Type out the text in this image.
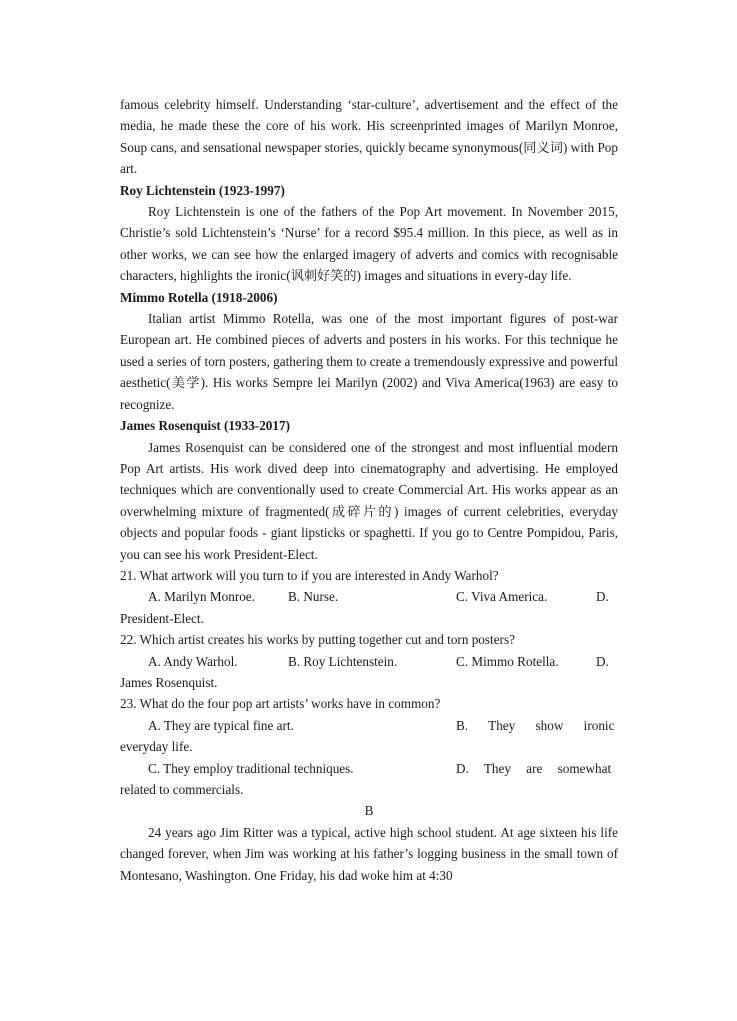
famous celebrity himself. Understanding ‘star-culture’, advertisement and the effect of the media, he made these the core of his work. His screenprinted images of Marilyn Monroe, Soup cans, and sensational newspaper stories, quickly became synonymous(同义词) with Pop art.

Roy Lichtenstein (1923-1997)

Roy Lichtenstein is one of the fathers of the Pop Art movement. In November 2015, Christie’s sold Lichtenstein’s ‘Nurse’ for a record $95.4 million. In this piece, as well as in other works, we can see how the enlarged imagery of adverts and comics with recognisable characters, highlights the ironic(讽刺好笑的) images and situations in every-day life.

Mimmo Rotella (1918-2006)

Italian artist Mimmo Rotella, was one of the most important figures of post-war European art. He combined pieces of adverts and posters in his works. For this technique he used a series of torn posters, gathering them to create a tremendously expressive and powerful aesthetic(美学). His works Sempre lei Marilyn (2002) and Viva America(1963) are easy to recognize.

James Rosenquist (1933-2017)

James Rosenquist can be considered one of the strongest and most influential modern Pop Art artists. His work dived deep into cinematography and advertising. He employed techniques which are conventionally used to create Commercial Art. His works appear as an overwhelming mixture of fragmented(成碎片的) images of current celebrities, everyday objects and popular foods - giant lipsticks or spaghetti. If you go to Centre Pompidou, Paris, you can see his work President-Elect.

21. What artwork will you turn to if you are interested in Andy Warhol?

A. Marilyn Monroe.	B. Nurse.	C. Viva America.	D.

President-Elect.

22. Which artist creates his works by putting together cut and torn posters?

A. Andy Warhol.	B. Roy Lichtenstein.	C. Mimmo Rotella.	D.

James Rosenquist.

23. What do the four pop art artists’ works have in common?

A. They are typical fine art.	B. They show ironic

everyday life.

C. They employ traditional techniques.	D. They are somewhat

related to commercials.

B

24 years ago Jim Ritter was a typical, active high school student. At age sixteen his life changed forever, when Jim was working at his father’s logging business in the small town of Montesano, Washington. One Friday, his dad woke him at 4:30
